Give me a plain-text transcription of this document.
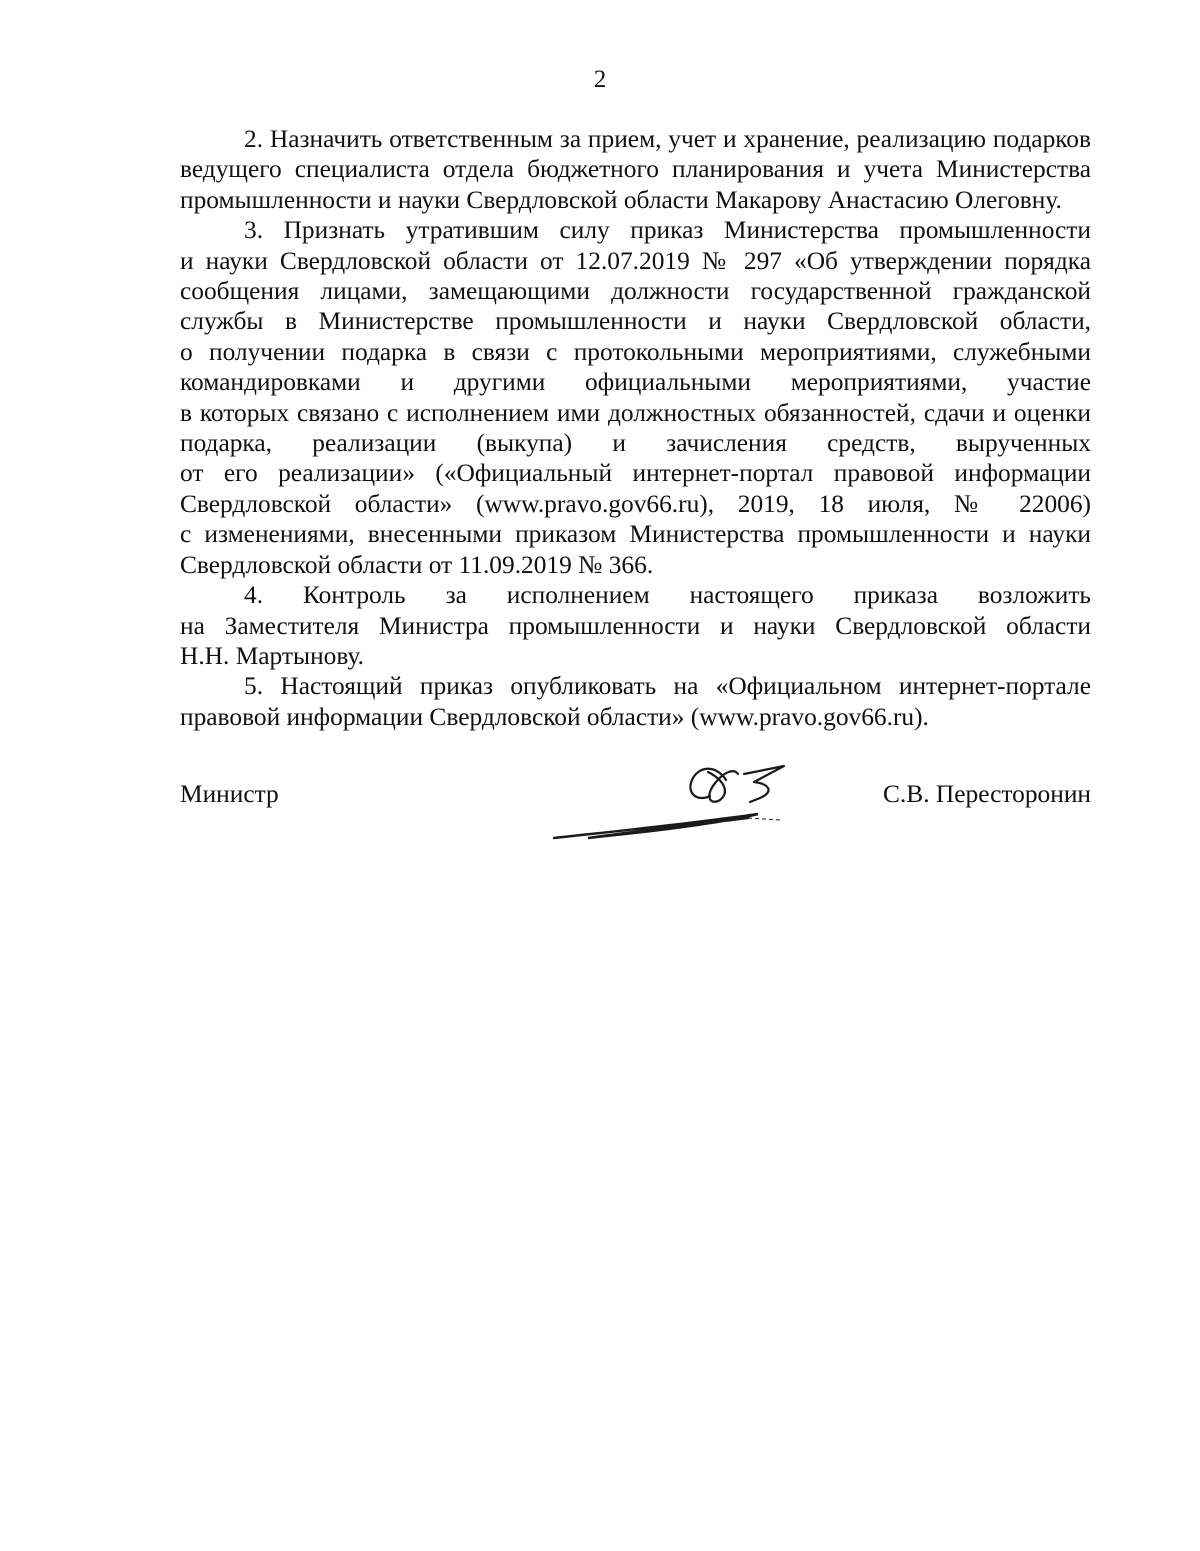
2

2. Назначить ответственным за прием, учет и хранение, реализацию подарков
ведущего специалиста отдела бюджетного планирования и учета Министерства
промышленности и науки Свердловской области Макарову Анастасию Олеговну.

3. Признать утратившим силу приказ Министерства промышленности
и науки Свердловской области от 12.07.2019 № 297 «Об утверждении порядка
сообщения лицами, замещающими должности государственной гражданской
службы в Министерстве промышленности и науки Свердловской области,
о получении подарка в связи с протокольными мероприятиями, служебными
командировками и другими официальными мероприятиями, участие
в которых связано с исполнением ими должностных обязанностей, сдачи и оценки
подарка, реализации (выкупа) и зачисления средств, вырученных
от его реализации» («Официальный интернет-портал правовой информации
Свердловской области» (www.pravo.gov66.ru), 2019, 18 июля, № 22006)
с изменениями, внесенными приказом Министерства промышленности и науки
Свердловской области от 11.09.2019 № 366.

4. Контроль за исполнением настоящего приказа возложить
на Заместителя Министра промышленности и науки Свердловской области
Н.Н. Мартынову.

5. Настоящий приказ опубликовать на «Официальном интернет-портале
правовой информации Свердловской области» (www.pravo.gov66.ru).

Министр	С.В. Пересторонин
